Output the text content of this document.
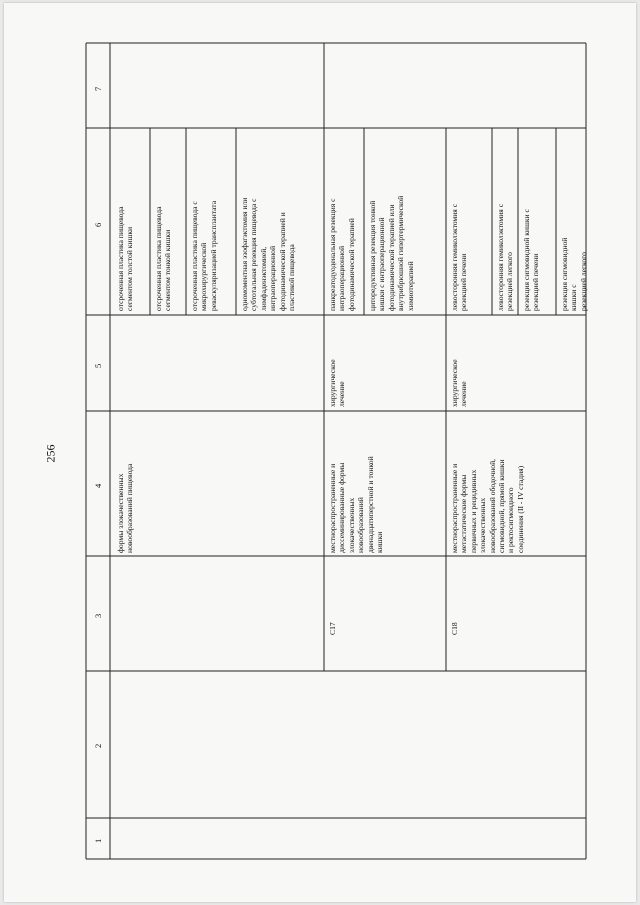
256
1
2
3
4
5
6
7
формы злокачественных
новообразований пищевода
отсроченная пластика пищевода
сегментом толстой кишки
отсроченная пластика пищевода
сегментом тонкой кишки
отсроченная пластика пищевода с
микрохирургической
реваскуляризацией трансплантата
одномоментная эзофагэктомия или
субтотальная резекция пищевода с
лимфаденэктомией,
интраоперационной
фотодинамической терапией и
пластикой пищевода
C17
местнораспространенные и
диссеминированные формы
злокачественных
новообразований
двенадцатиперстной и тонкой
кишки
хирургическое
лечение
панкреатодуоденальная резекция с
интраоперационной
фотодинамической терапией
циторедуктивная резекция тонкой
кишки с интраоперационной
фотодинамической терапией или
внутрибрюшной гипертермической
химиотерапией
C18
местнораспространенные и
метастатические формы
первичных и рецидивных
злокачественных
новообразований ободочной,
сигмовидной, прямой кишки
и ректосигмоидного
соединения (II - IV стадия)
хирургическое
лечение
левосторонняя гемиколэктомия с
резекцией печени	левосторонняя гемиколэктомия с
резекцией легкого
резекция сигмовидной кишки с
резекцией печени
резекция сигмовидной кишки с
резекцией легкого
